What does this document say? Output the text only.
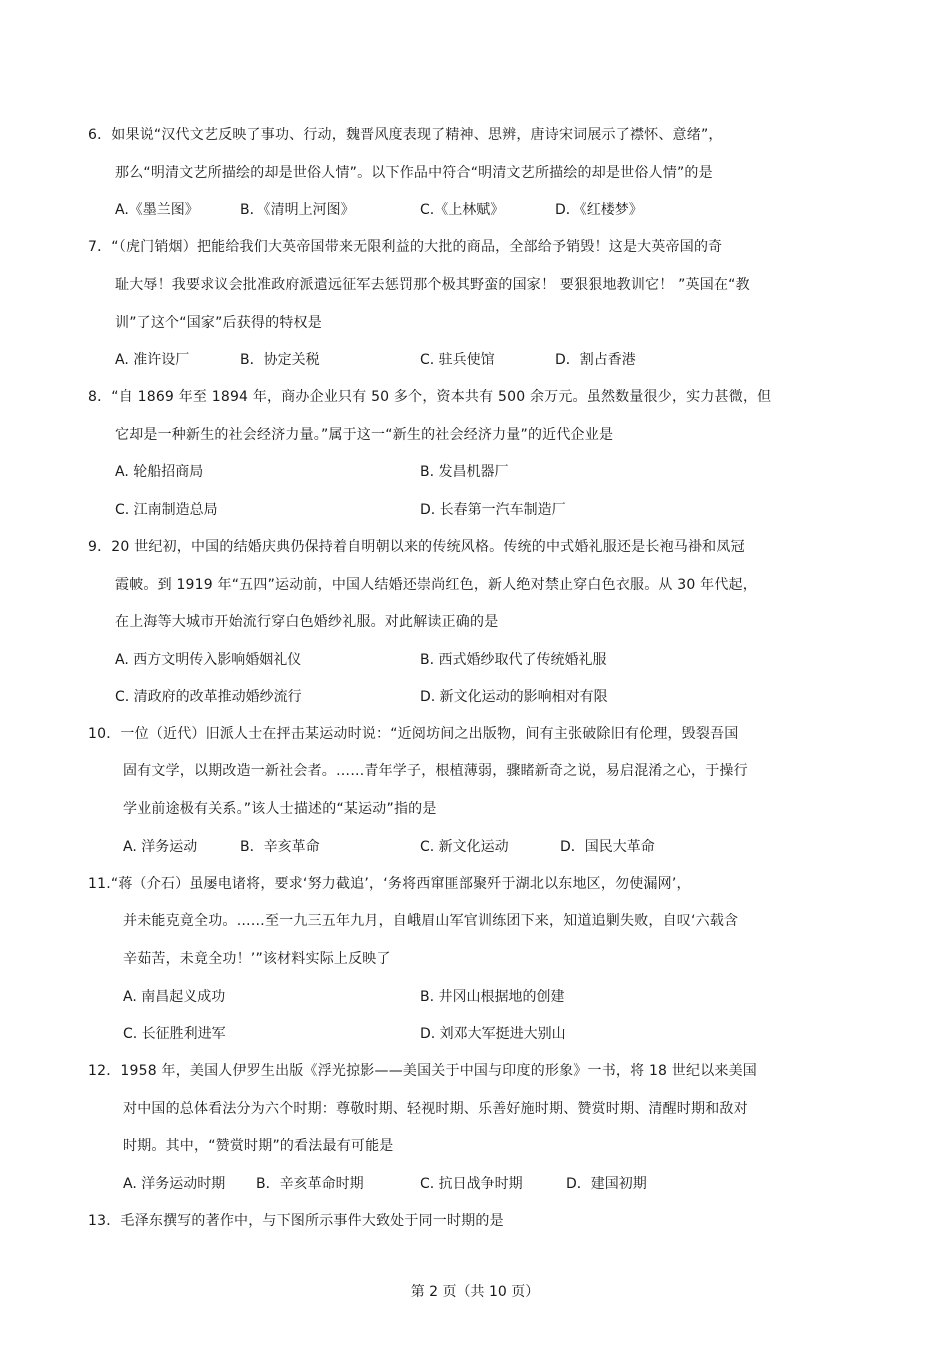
6．如果说“汉代文艺反映了事功、行动，魏晋风度表现了精神、思辨，唐诗宋词展示了襟怀、意绪”，
那么“明清文艺所描绘的却是世俗人情”。以下作品中符合“明清文艺所描绘的却是世俗人情”的是
A.《墨兰图》	B．《清明上河图》	C.《上林赋》	D．《红楼梦》
7．“（虎门销烟）把能给我们大英帝国带来无限利益的大批的商品，全部给予销毁！这是大英帝国的奇
耻大辱！我要求议会批准政府派遣远征军去惩罚那个极其野蛮的国家！ 要狠狠地教训它！ ”英国在“教
训”了这个“国家”后获得的特权是
A. 准许设厂	B．协定关税	C. 驻兵使馆	D．割占香港
8．“自 1869 年至 1894 年，商办企业只有 50 多个，资本共有 500 余万元。虽然数量很少，实力甚微，但
它却是一种新生的社会经济力量。”属于这一“新生的社会经济力量”的近代企业是
A. 轮船招商局	B. 发昌机器厂
C. 江南制造总局	D. 长春第一汽车制造厂
9．20 世纪初，中国的结婚庆典仍保持着自明朝以来的传统风格。传统的中式婚礼服还是长袍马褂和凤冠
霞帔。到 1919 年“五四”运动前，中国人结婚还崇尚红色，新人绝对禁止穿白色衣服。从 30 年代起，
在上海等大城市开始流行穿白色婚纱礼服。对此解读正确的是
A. 西方文明传入影响婚姻礼仪	B. 西式婚纱取代了传统婚礼服
C. 清政府的改革推动婚纱流行	D. 新文化运动的影响相对有限
10．一位（近代）旧派人士在抨击某运动时说：“近阅坊间之出版物，间有主张破除旧有伦理，毁裂吾国
固有文学，以期改造一新社会者。……青年学子，根植薄弱，骤睹新奇之说，易启混淆之心，于操行
学业前途极有关系。”该人士描述的“某运动”指的是
A. 洋务运动	B．辛亥革命	C. 新文化运动	D．国民大革命
11.“蒋（介石）虽屡电诸将，要求‘努力截追’，‘务将西窜匪部聚歼于湖北以东地区，勿使漏网’，
并未能克竟全功。……至一九三五年九月，自峨眉山军官训练团下来，知道追剿失败，自叹‘六载含
辛茹苦，未竟全功！’”该材料实际上反映了
A. 南昌起义成功	B. 井冈山根据地的创建
C. 长征胜利进军	D. 刘邓大军挺进大别山
12．1958 年，美国人伊罗生出版《浮光掠影——美国关于中国与印度的形象》一书，将 18 世纪以来美国
对中国的总体看法分为六个时期：尊敬时期、轻视时期、乐善好施时期、赞赏时期、清醒时期和敌对
时期。其中，“赞赏时期”的看法最有可能是
A. 洋务运动时期 B．辛亥革命时期	C. 抗日战争时期	D．建国初期
13．毛泽东撰写的著作中，与下图所示事件大致处于同一时期的是
第 2 页（共 10 页）
